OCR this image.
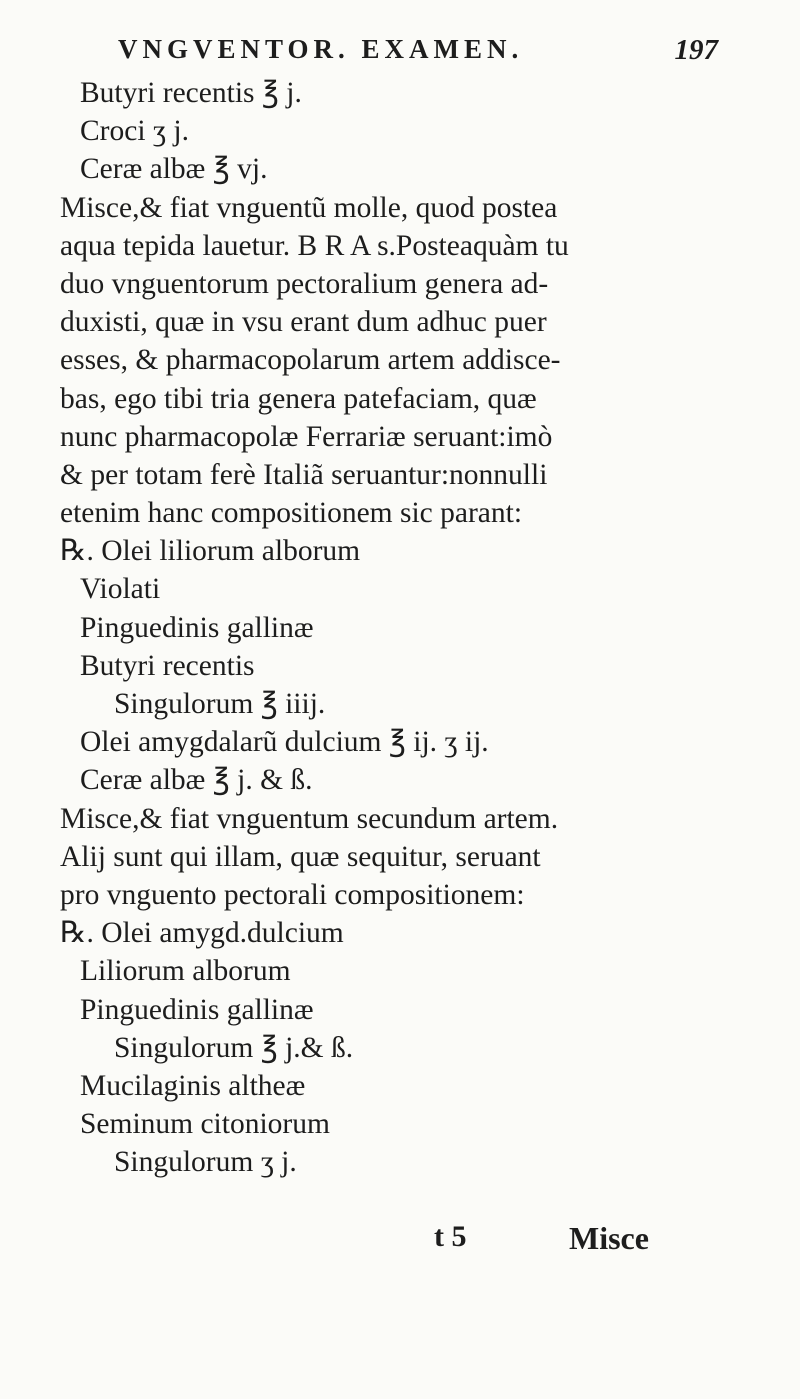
VNGVENTOR. EXAMEN.	197
Butyri recentis ℥ j.
Croci ʒ j.
Ceræ albæ ℥ vj.
Misce,& fiat vnguentũ molle, quod postea
aqua tepida lauetur. B R A s.Posteaquàm tu
duo vnguentorum pectoralium genera ad-
duxisti, quæ in vsu erant dum adhuc puer
esses, & pharmacopolarum artem addisce-
bas, ego tibi tria genera patefaciam, quæ
nunc pharmacopolæ Ferrariæ seruant:imò
& per totam ferè Italiã seruantur:nonnulli
etenim hanc compositionem sic parant:
℞. Olei liliorum alborum
Violati
Pinguedinis gallinæ
Butyri recentis
Singulorum ℥ iiij.
Olei amygdalarũ dulcium ℥ ij. ʒ ij.
Ceræ albæ ℥ j. & ß.
Misce,& fiat vnguentum secundum artem.
Alij sunt qui illam, quæ sequitur, seruant
pro vnguento pectorali compositionem:
℞. Olei amygd.dulcium
Liliorum alborum
Pinguedinis gallinæ
Singulorum ℥ j.& ß.
Mucilaginis altheæ
Seminum citoniorum
Singulorum ʒ j.
t 5	Misce
